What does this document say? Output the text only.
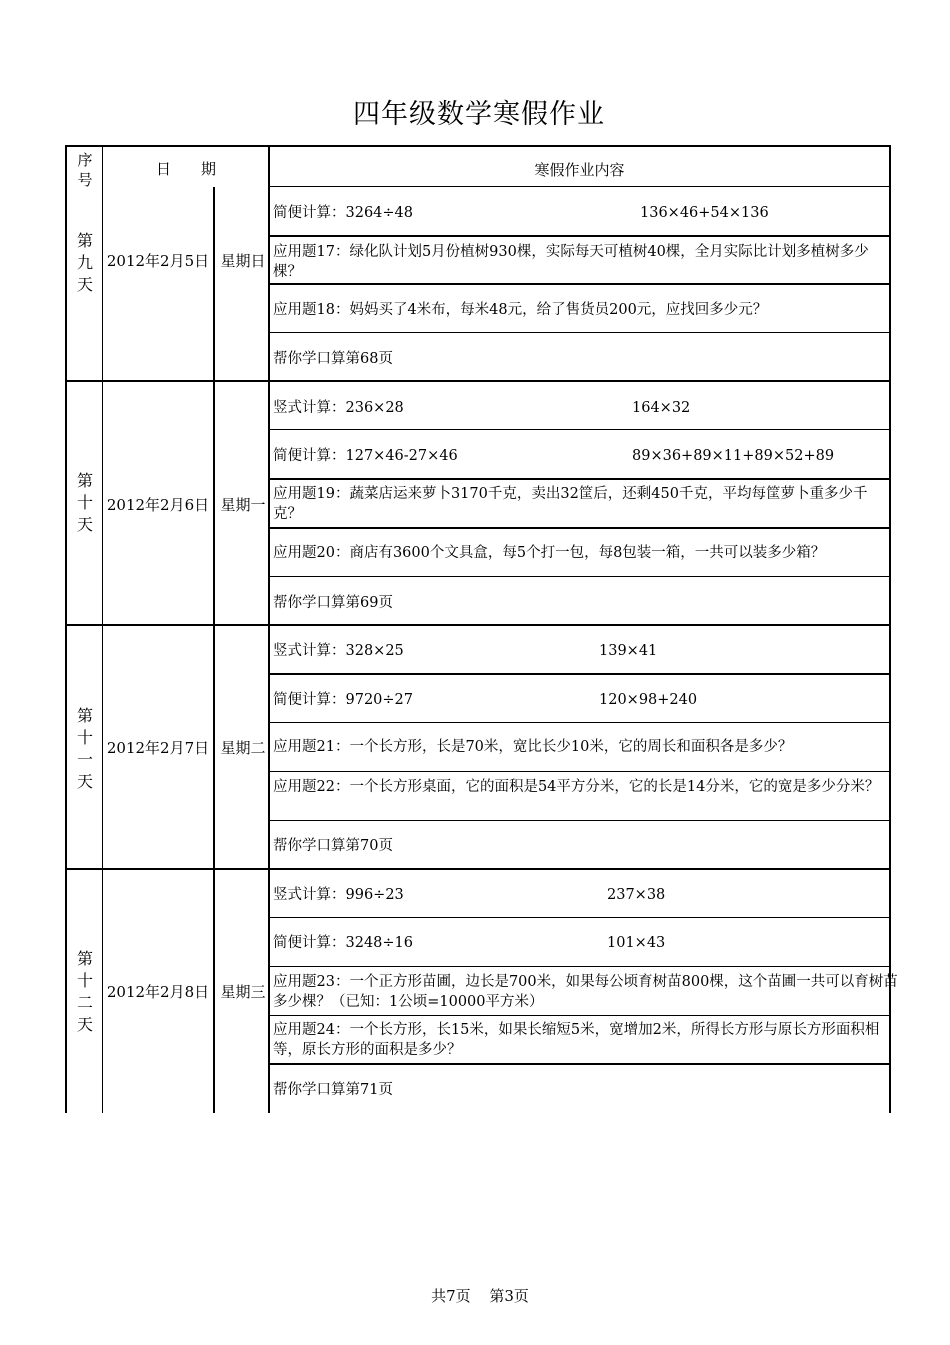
四年级数学寒假作业
序号
日　　期	寒假作业内容
第九天
2012年2月5日 星期日
简便计算：3264÷48	136×46+54×136
应用题17：绿化队计划5月份植树930棵，实际每天可植树40棵，全月实际比计划多植树多少棵？
应用题18：妈妈买了4米布，每米48元，给了售货员200元，应找回多少元？
帮你学口算第68页
第十天
2012年2月6日 星期一
竖式计算：236×28	164×32
简便计算：127×46-27×46	89×36+89×11+89×52+89
应用题19：蔬菜店运来萝卜3170千克，卖出32筐后，还剩450千克，平均每筐萝卜重多少千克？
应用题20：商店有3600个文具盒，每5个打一包，每8包装一箱，一共可以装多少箱？
帮你学口算第69页
第十一天
2012年2月7日 星期二
竖式计算：328×25	139×41
简便计算：9720÷27	120×98+240
应用题21：一个长方形，长是70米，宽比长少10米，它的周长和面积各是多少？
应用题22：一个长方形桌面，它的面积是54平方分米，它的长是14分米，它的宽是多少分米？
帮你学口算第70页
第十二天
2012年2月8日 星期三
竖式计算：996÷23	237×38
简便计算：3248÷16	101×43
应用题23：一个正方形苗圃，边长是700米，如果每公顷育树苗800棵，这个苗圃一共可以育树苗多少棵？（已知：1公顷=10000平方米）
应用题24：一个长方形，长15米，如果长缩短5米，宽增加2米，所得长方形与原长方形面积相等，原长方形的面积是多少？
帮你学口算第71页
共7页 第3页
